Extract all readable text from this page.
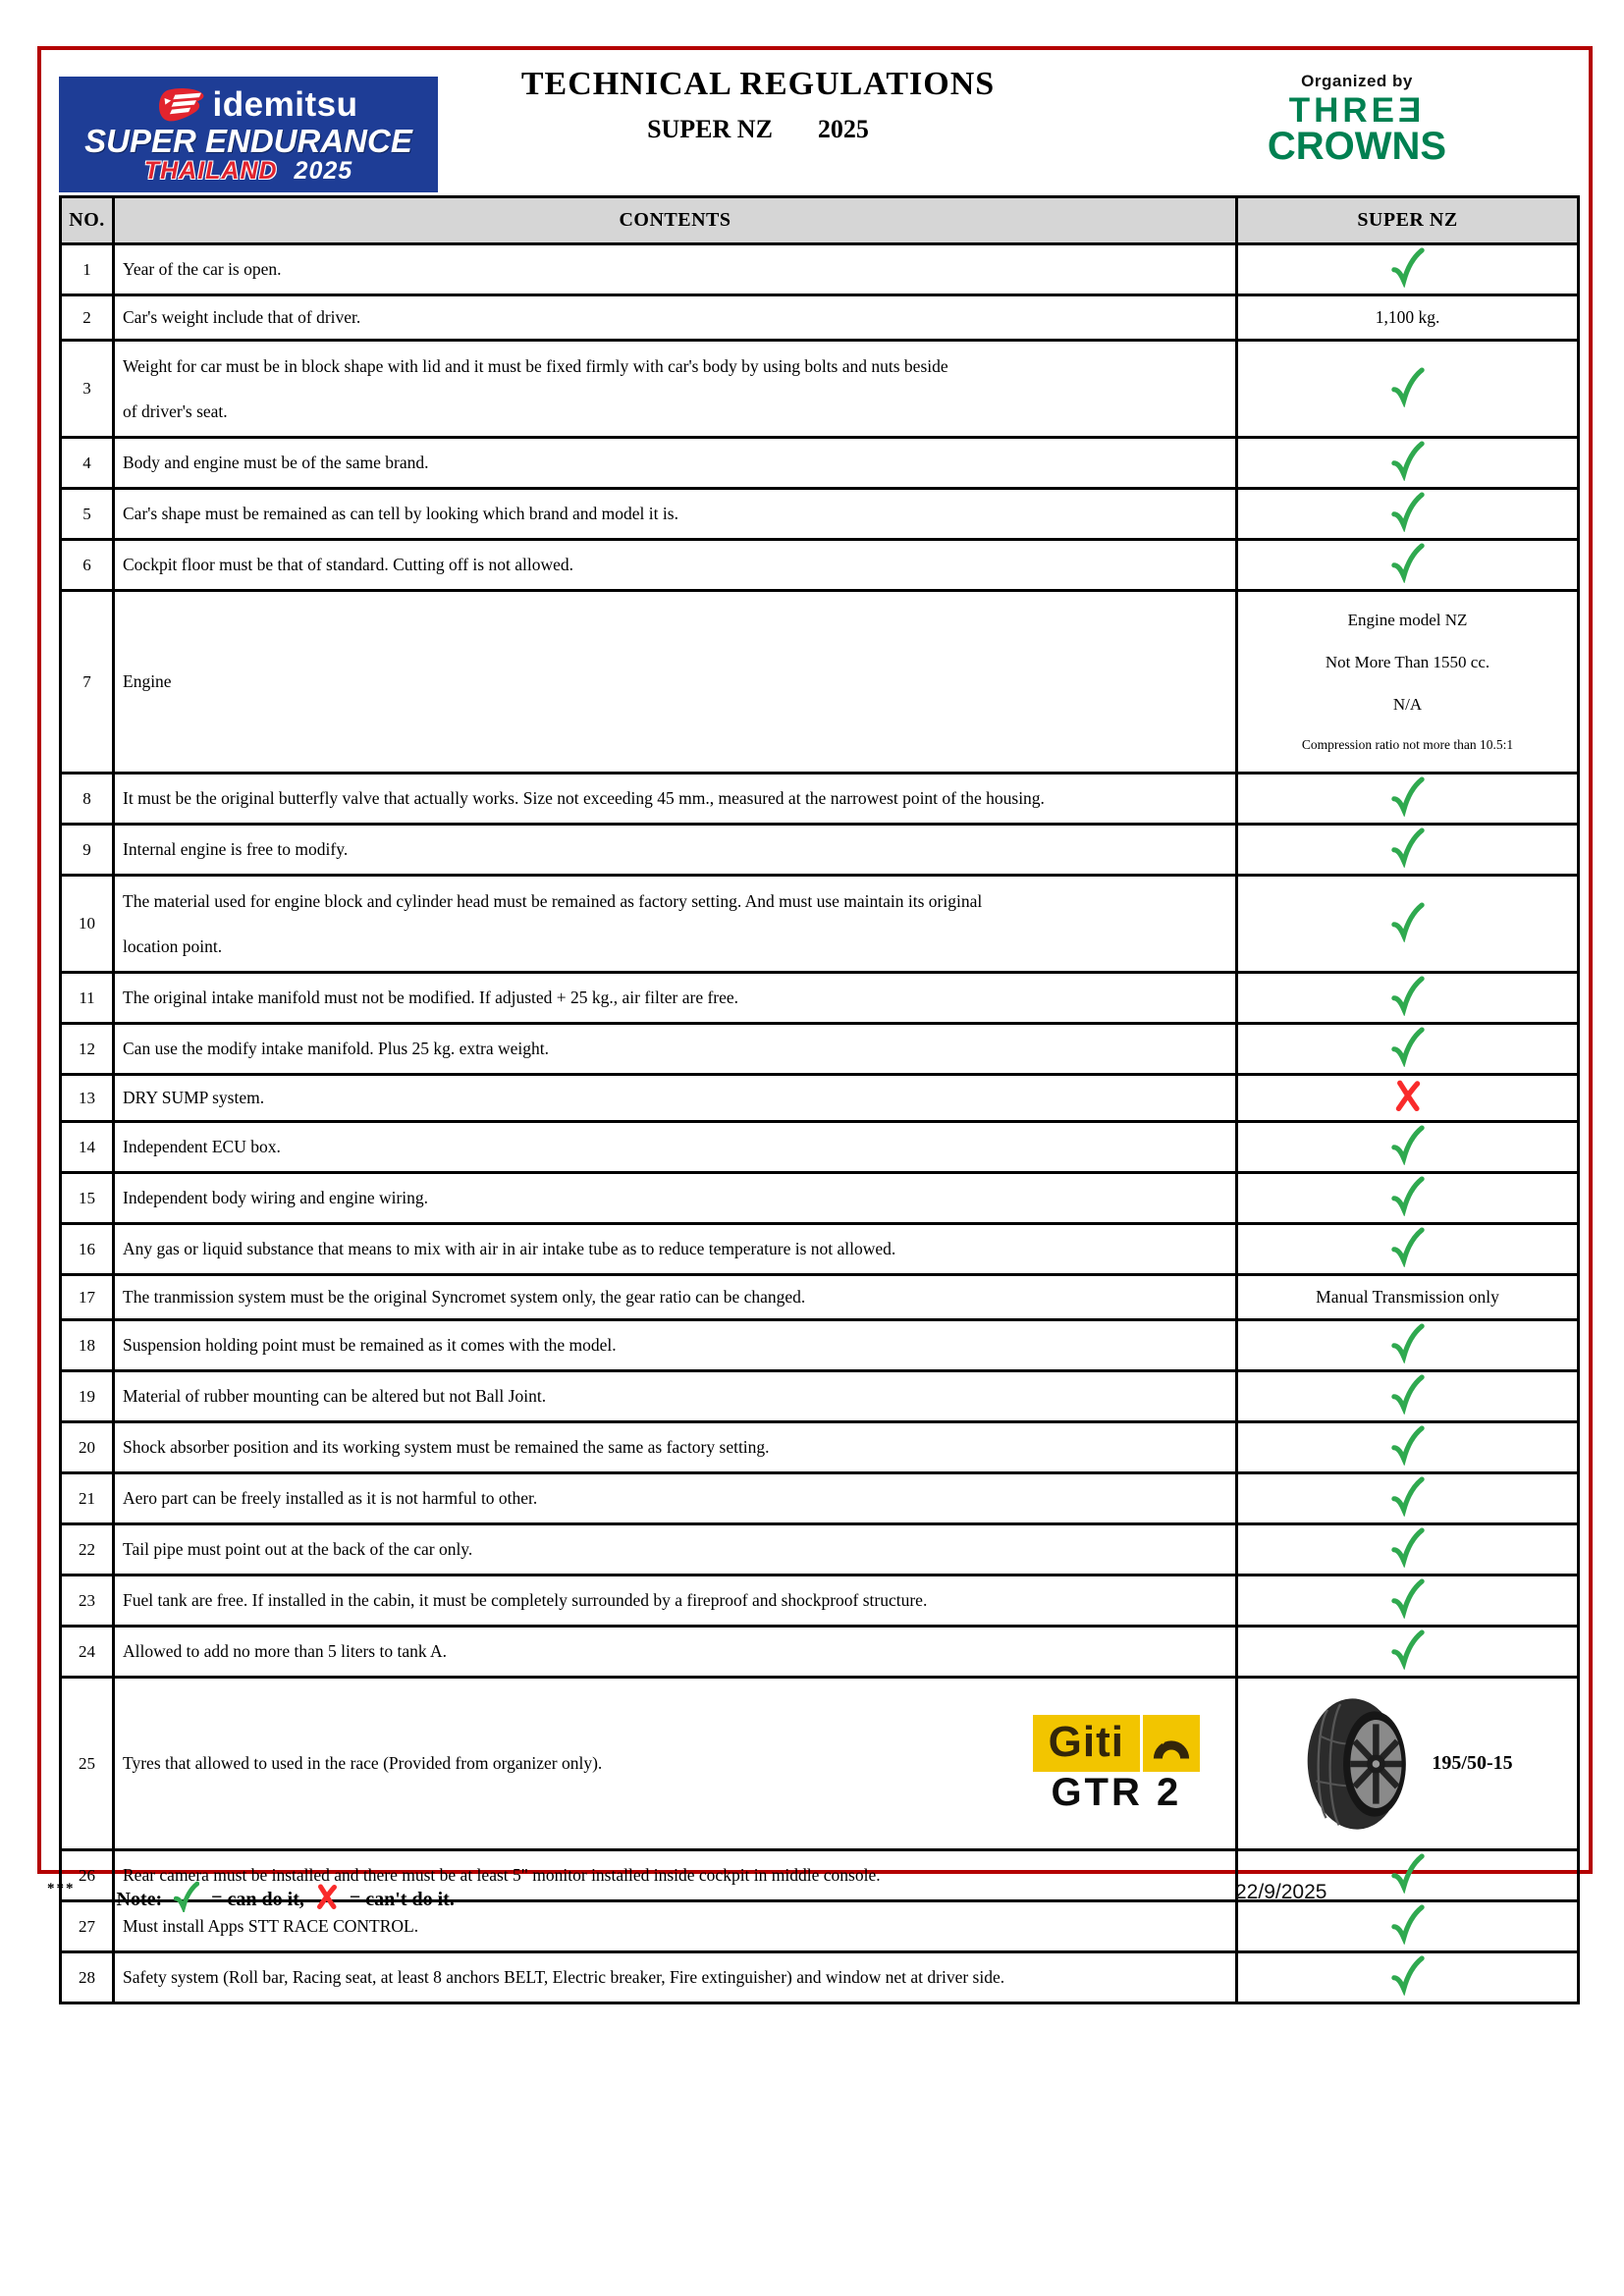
idemitsu
SUPER ENDURANCE
THAILAND 2025
TECHNICAL REGULATIONS
SUPER NZ 2025
Organized by
THREƎ
CROWNS
NO.	CONTENTS	SUPER NZ
1	Year of the car is open.	
2	Car's weight include that of driver.	1,100 kg.
3	Weight for car must be in block shape with lid and it must be fixed firmly with car's body by using bolts and nuts beside
of driver's seat.	
4	Body and engine must be of the same brand.	
5	Car's shape must be remained as can tell by looking which brand and model it is.	
6	Cockpit floor must be that of standard. Cutting off is not allowed.	
7	Engine	Engine model NZ
Not More Than 1550 cc.
N/A
Compression ratio not more than 10.5:1

8	It must be the original butterfly valve that actually works. Size not exceeding 45 mm., measured at the narrowest point of the housing.	
9	Internal engine is free to modify.	
10	The material used for engine block and cylinder head must be remained as factory setting. And must use maintain its original
location point.	
11	The original intake manifold must not be modified. If adjusted + 25 kg., air filter are free.	
12	Can use the modify intake manifold. Plus 25 kg. extra weight.	
13	DRY SUMP system.	
14	Independent ECU box.	
15	Independent body wiring and engine wiring.	
16	Any gas or liquid substance that means to mix with air in air intake tube as to reduce temperature is not allowed.	
17	The tranmission system must be the original Syncromet system only, the gear ratio can be changed.	Manual Transmission only
18	Suspension holding point must be remained as it comes with the model.	
19	Material of rubber mounting can be altered but not Ball Joint.	
20	Shock absorber position and its working system must be remained the same as factory setting.	
21	Aero part can be freely installed as it is not harmful to other.	
22	Tail pipe must point out at the back of the car only.	
23	Fuel tank are free. If installed in the cabin, it must be completely surrounded by a fireproof and shockproof structure.	
24	Allowed to add no more than 5 liters to tank A.	
25	Tyres that allowed to used in the race (Provided from organizer only). Giti
GTR 2	195/50-15

26	Rear camera must be installed and there must be at least 5" monitor installed inside cockpit in middle console.	
27	Must install Apps STT RACE CONTROL.	
28	Safety system (Roll bar, Racing seat, at least 8 anchors BELT, Electric breaker, Fire extinguisher) and window net at driver side.	
*** Note:	= can do it, = can't do it.	22/9/2025
